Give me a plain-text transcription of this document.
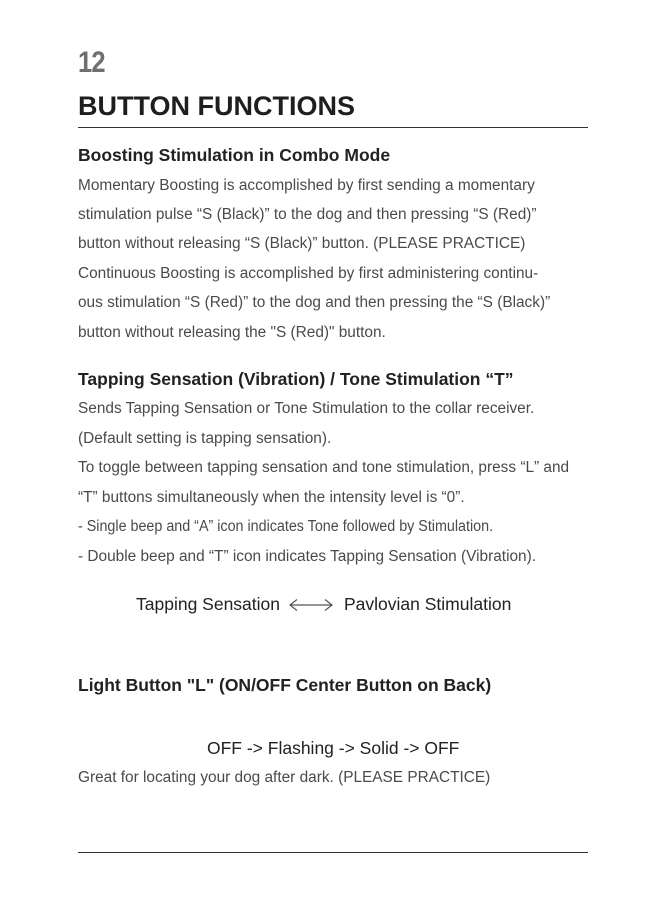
12
BUTTON FUNCTIONS
Boosting Stimulation in Combo Mode

Momentary Boosting is accomplished by first sending a momentary

stimulation pulse “S (Black)” to the dog and then pressing “S (Red)”

button without releasing “S (Black)” button. (PLEASE PRACTICE)

Continuous Boosting is accomplished by first administering continu-

ous stimulation “S (Red)” to the dog and then pressing the “S (Black)”

button without releasing the "S (Red)" button.

Tapping Sensation (Vibration) / Tone Stimulation “T”

Sends Tapping Sensation or Tone Stimulation to the collar receiver.

(Default setting is tapping sensation).

To toggle between tapping sensation and tone stimulation, press “L” and

“T” buttons simultaneously when the intensity level is “0”.

- Single beep and “A” icon indicates Tone followed by Stimulation.

- Double beep and “T” icon indicates Tapping Sensation (Vibration).

Tapping Sensation	Pavlovian Stimulation
Light Button "L" (ON/OFF Center Button on Back)
OFF -> Flashing -> Solid -> OFF

Great for locating your dog after dark. (PLEASE PRACTICE)
